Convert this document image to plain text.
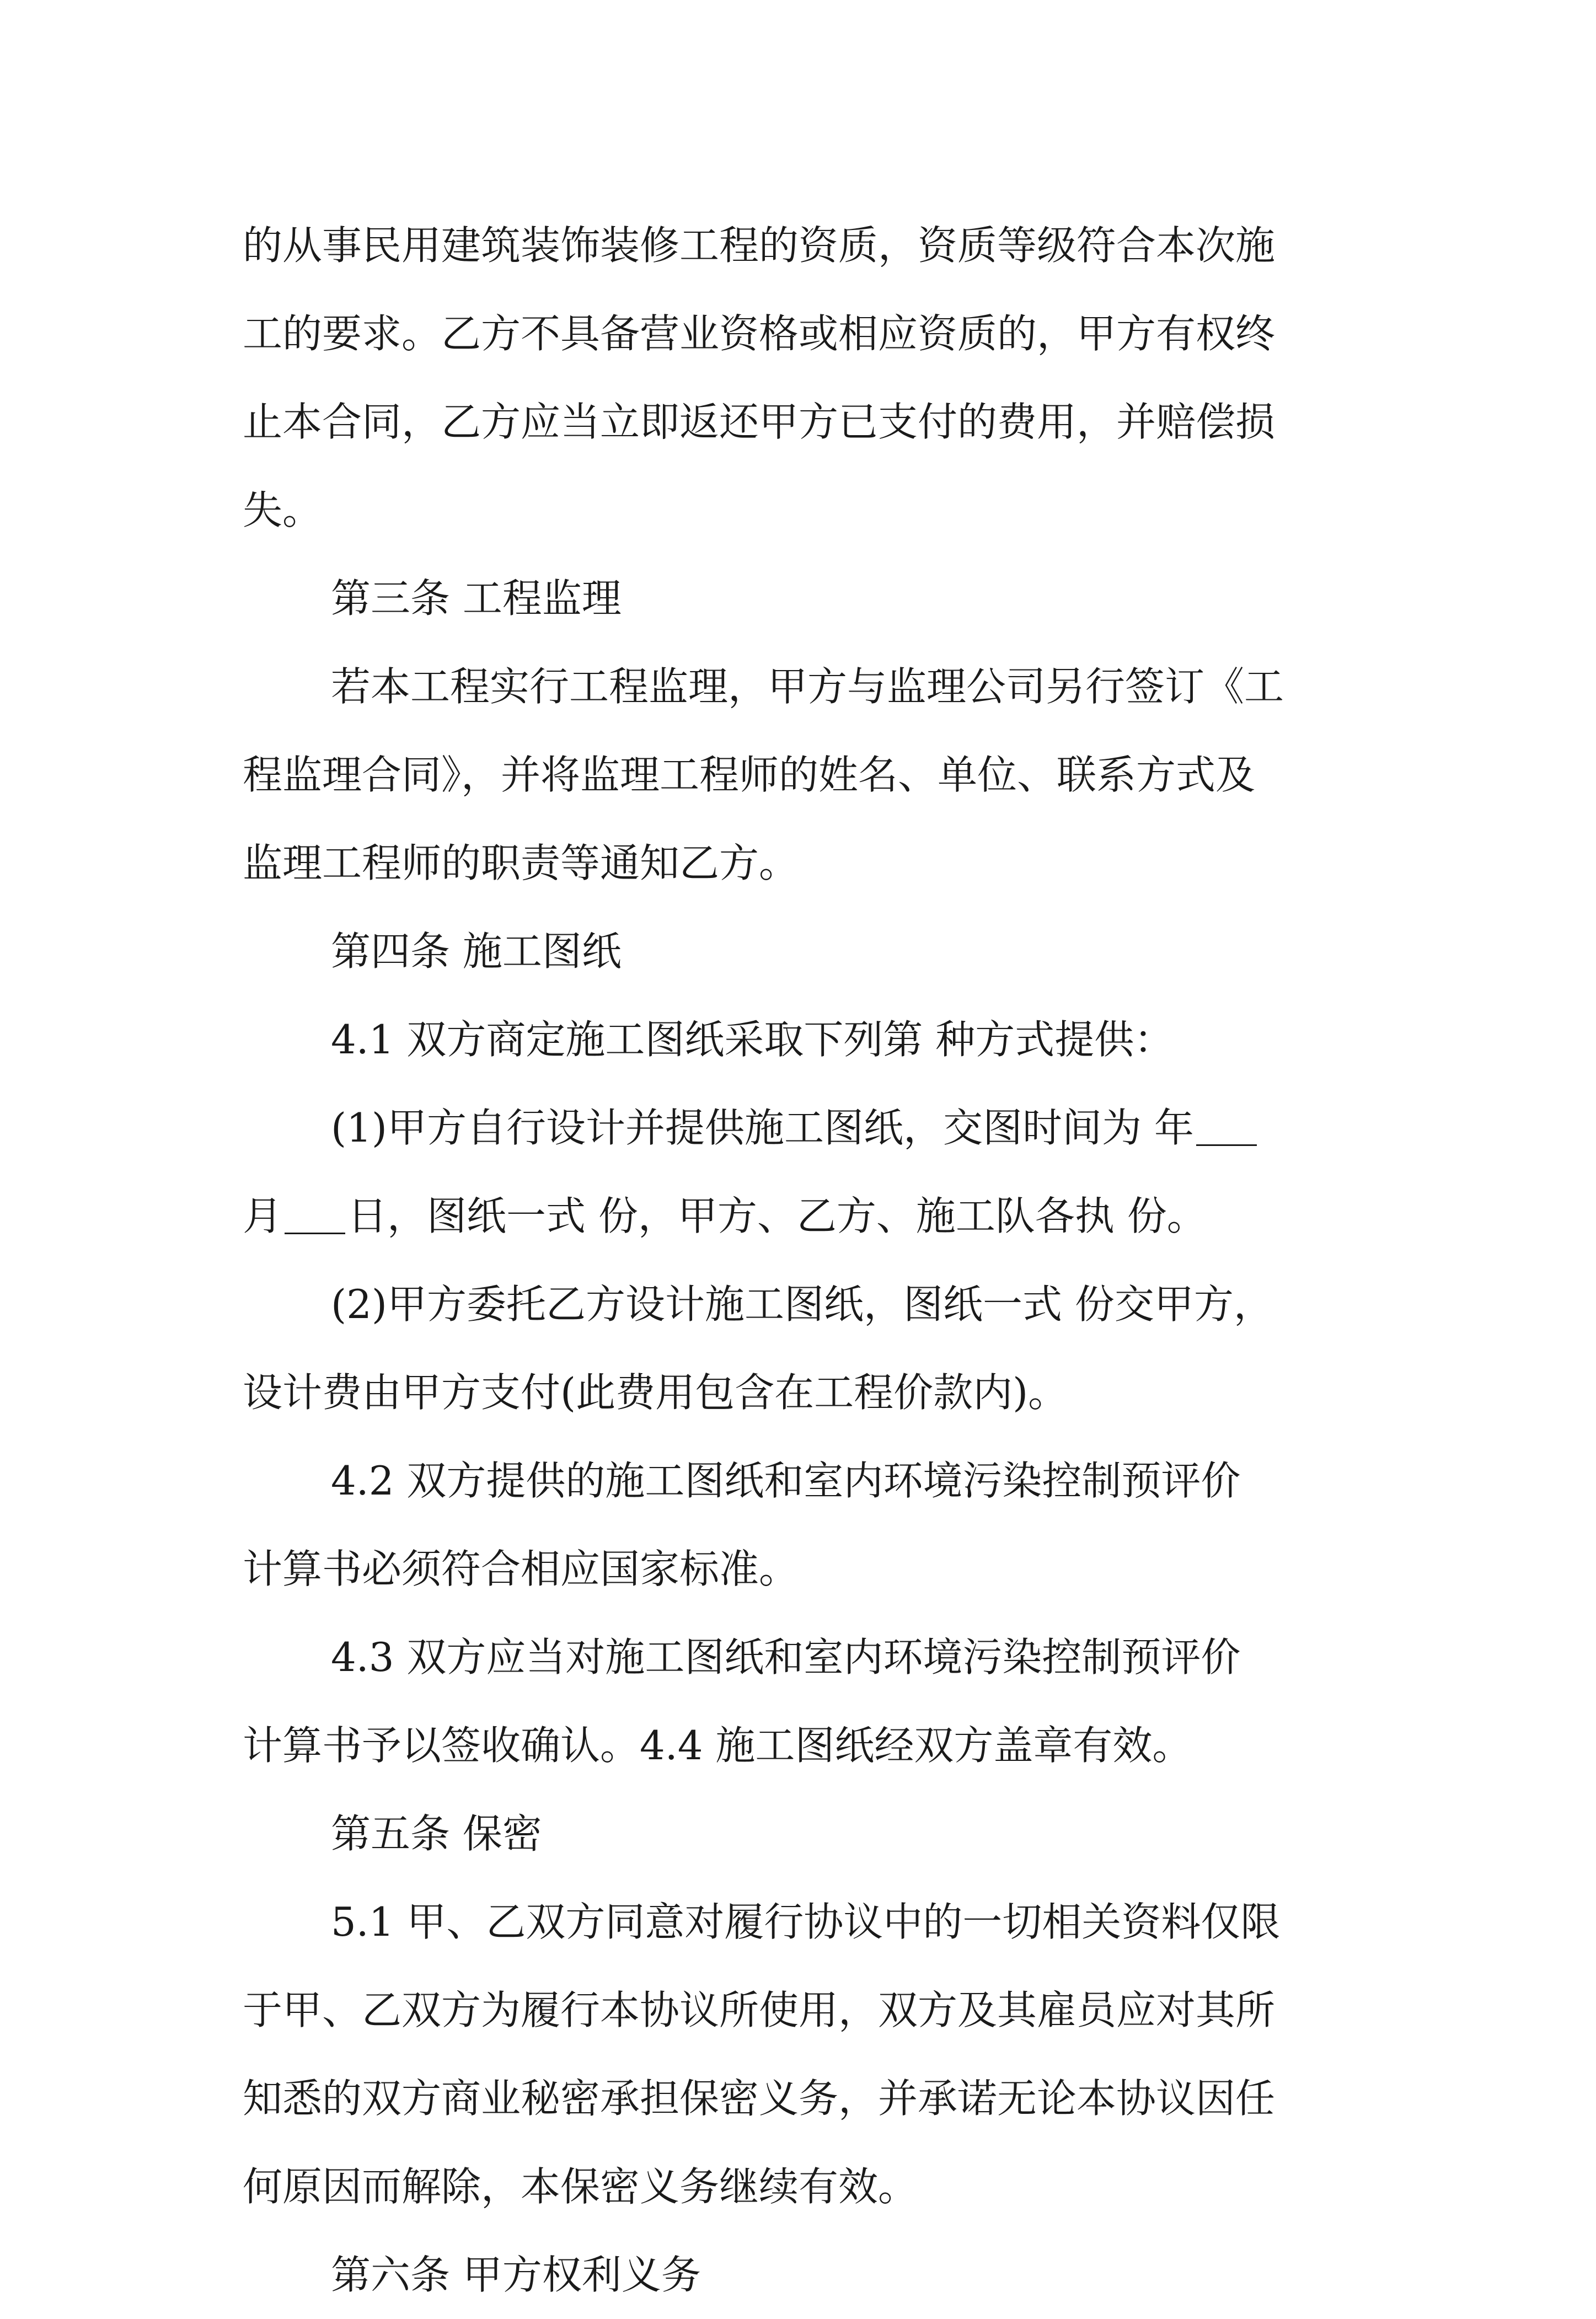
的从事民用建筑装饰装修工程的资质，资质等级符合本次施
工的要求。乙方不具备营业资格或相应资质的，甲方有权终
止本合同，乙方应当立即返还甲方已支付的费用，并赔偿损
失。
第三条 工程监理
若本工程实行工程监理，甲方与监理公司另行签订《工
程监理合同》，并将监理工程师的姓名、单位、联系方式及
监理工程师的职责等通知乙方。
第四条 施工图纸
4.1 双方商定施工图纸采取下列第 种方式提供：
(1)甲方自行设计并提供施工图纸，交图时间为 年
月 日，图纸一式 份，甲方、乙方、施工队各执 份。
(2)甲方委托乙方设计施工图纸，图纸一式 份交甲方，
设计费由甲方支付(此费用包含在工程价款内)。
4.2 双方提供的施工图纸和室内环境污染控制预评价
计算书必须符合相应国家标准。
4.3 双方应当对施工图纸和室内环境污染控制预评价
计算书予以签收确认。4.4 施工图纸经双方盖章有效。
第五条 保密
5.1 甲、乙双方同意对履行协议中的一切相关资料仅限
于甲、乙双方为履行本协议所使用，双方及其雇员应对其所
知悉的双方商业秘密承担保密义务，并承诺无论本协议因任
何原因而解除，本保密义务继续有效。
第六条 甲方权利义务
